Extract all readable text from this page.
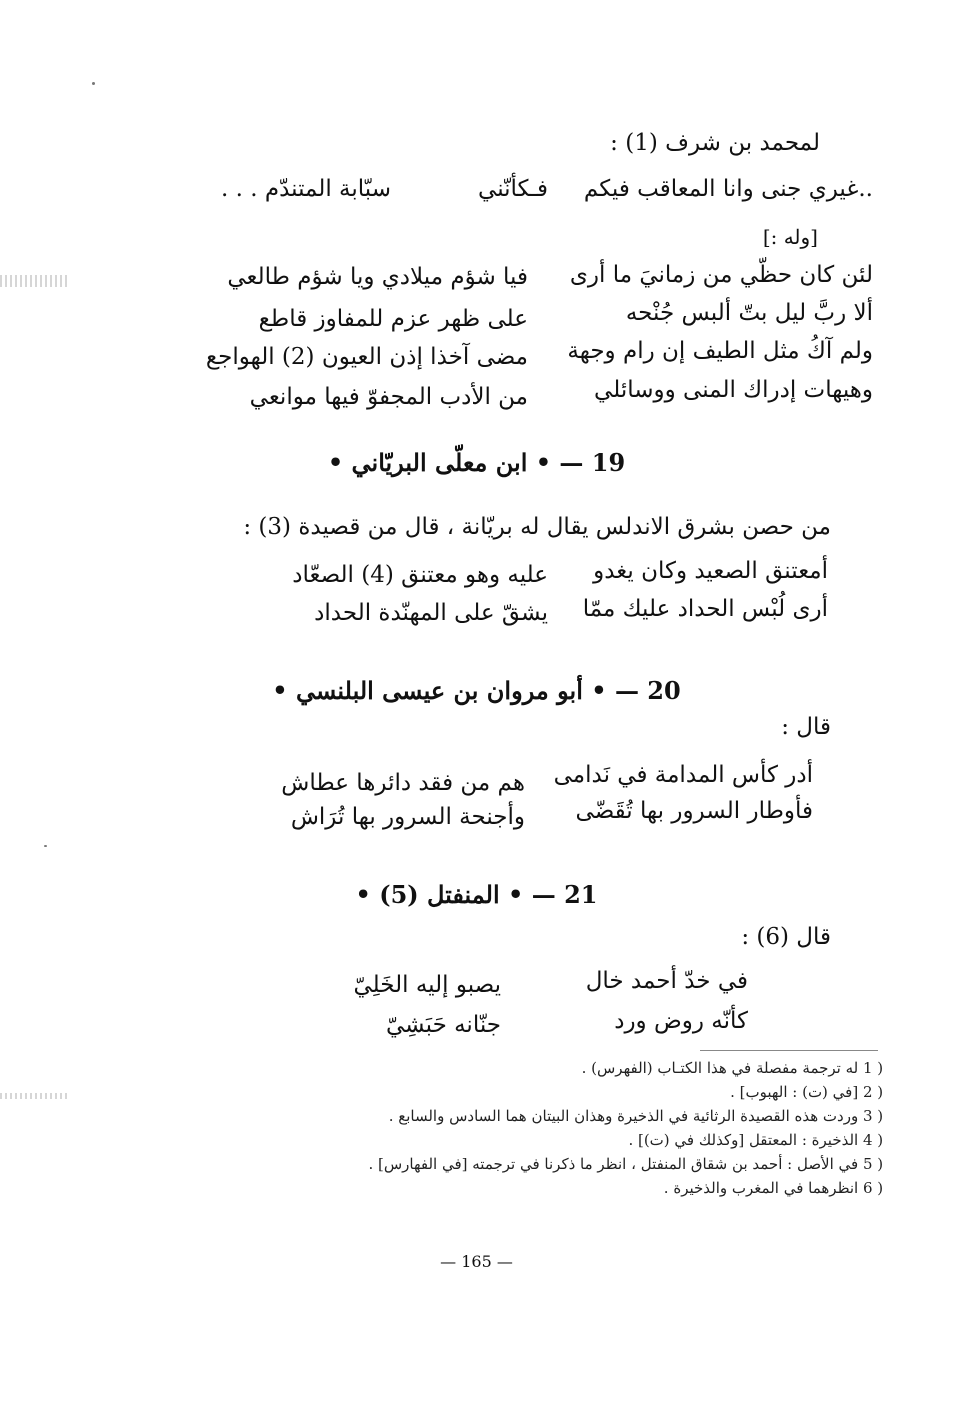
لمحمد بن شرف (1) :
..غيري جنى وانا المعاقب فيكم
فـكأنّني
سبّابة المتندّم . . .
[وله :]
لئن كان حظّي من زمانيَ ما أرى
فيا شؤم ميلادي ويا شؤم طالعي
ألا ربَّ ليل بتّ ألبس جُنْحه
على ظهر عزم للمفاوز قاطع
ولم آكُ مثل الطيف إن رام وجهة
مضى آخذا إذن العيون (2) الهواجع
وهيهات إدراك المنى ووسائلي
من الأدب المجفوّ فيها موانعي
19 — • ابن معلّى البريّاني •
من حصن بشرق الاندلس يقال له بريّانة ، قال من قصيدة (3) :
أمعتنق الصعيد وكان يغدو
عليه وهو معتنق (4) الصعّاد
أرى لُبْس الحداد عليك ممّا
يشقّ على المهنّدة الحداد
20 — • أبو مروان بن عيسى البلنسي •
قال :
أدر كأس المدامة في نَدامى
هم من فقد دائرها عطاش
فأوطار السرور بها تُقَضّى
وأجنحة السرور بها تُرَاش
21 — • المنفتل (5) •
قال (6) :
في خدّ أحمد خال
يصبو إليه الخَلِيّ
كأنّه روض ورد
جنّانه حَبَشِيّ
1 ) له ترجمة مفصلة في هذا الكتـاب (الفهرس) .
2 ) [في (ت) : الهبوب] .
3 ) وردت هذه القصيدة الرثائية في الذخيرة وهذان البيتان هما السادس والسابع .
4 ) الذخيرة : المعتقل [وكذلك في (ت)] .
5 ) في الأصل : أحمد بن شقاق المنفتل ، انظر ما ذكرنا في ترجمته [في الفهارس] .
6 ) انظرهما في المغرب والذخيرة .
— 165 —
